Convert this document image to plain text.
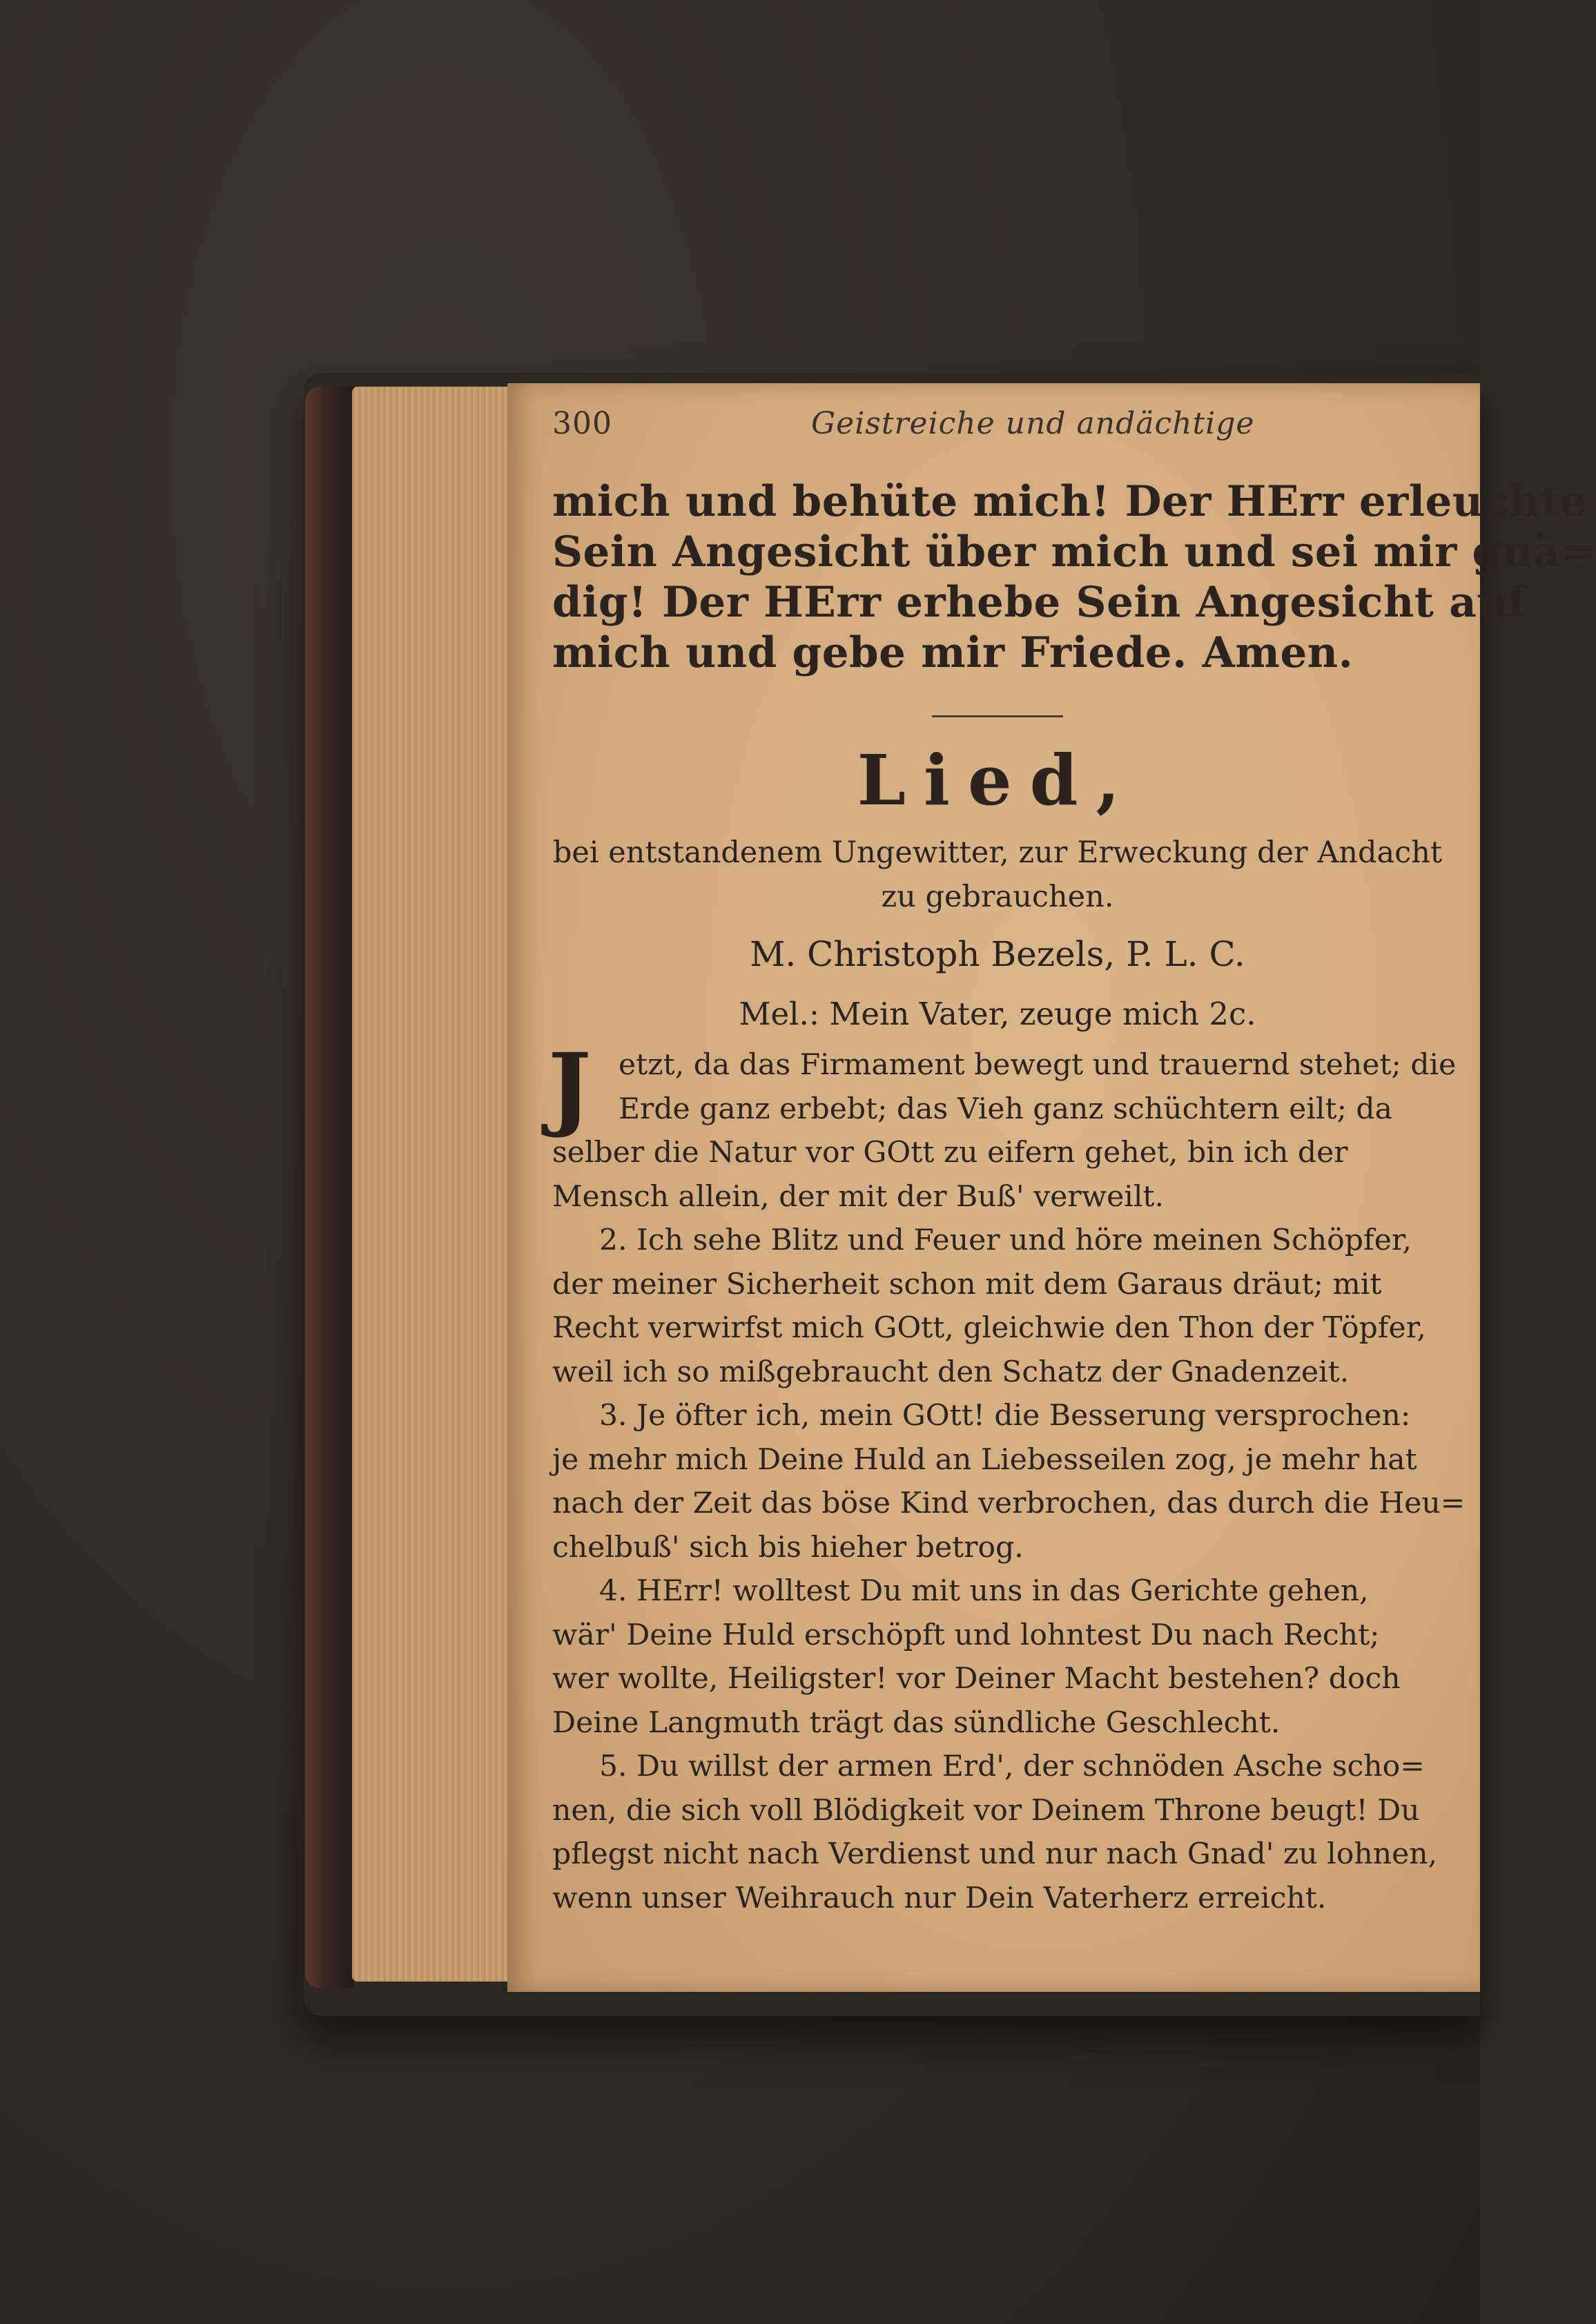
300	Geistreiche und andächtige
mich und behüte mich! Der HErr erleuchte
Sein Angesicht über mich und sei mir gnä=
dig! Der HErr erhebe Sein Angesicht auf
mich und gebe mir Friede. Amen.
Lied,
bei entstandenem Ungewitter, zur Erweckung der Andacht
zu gebrauchen.
M. Christoph Bezels, P. L. C.
Mel.: Mein Vater, zeuge mich 2c.
J etzt, da das Firmament bewegt und trauernd stehet; die
Erde ganz erbebt; das Vieh ganz schüchtern eilt; da
selber die Natur vor GOtt zu eifern gehet, bin ich der
Mensch allein, der mit der Buß' verweilt.
2. Ich sehe Blitz und Feuer und höre meinen Schöpfer,
der meiner Sicherheit schon mit dem Garaus dräut; mit
Recht verwirfst mich GOtt, gleichwie den Thon der Töpfer,
weil ich so mißgebraucht den Schatz der Gnadenzeit.
3. Je öfter ich, mein GOtt! die Besserung versprochen:
je mehr mich Deine Huld an Liebesseilen zog, je mehr hat
nach der Zeit das böse Kind verbrochen, das durch die Heu=
chelbuß' sich bis hieher betrog.
4. HErr! wolltest Du mit uns in das Gerichte gehen,
wär' Deine Huld erschöpft und lohntest Du nach Recht;
wer wollte, Heiligster! vor Deiner Macht bestehen? doch
Deine Langmuth trägt das sündliche Geschlecht.
5. Du willst der armen Erd', der schnöden Asche scho=
nen, die sich voll Blödigkeit vor Deinem Throne beugt! Du
pflegst nicht nach Verdienst und nur nach Gnad' zu lohnen,
wenn unser Weihrauch nur Dein Vaterherz erreicht.
